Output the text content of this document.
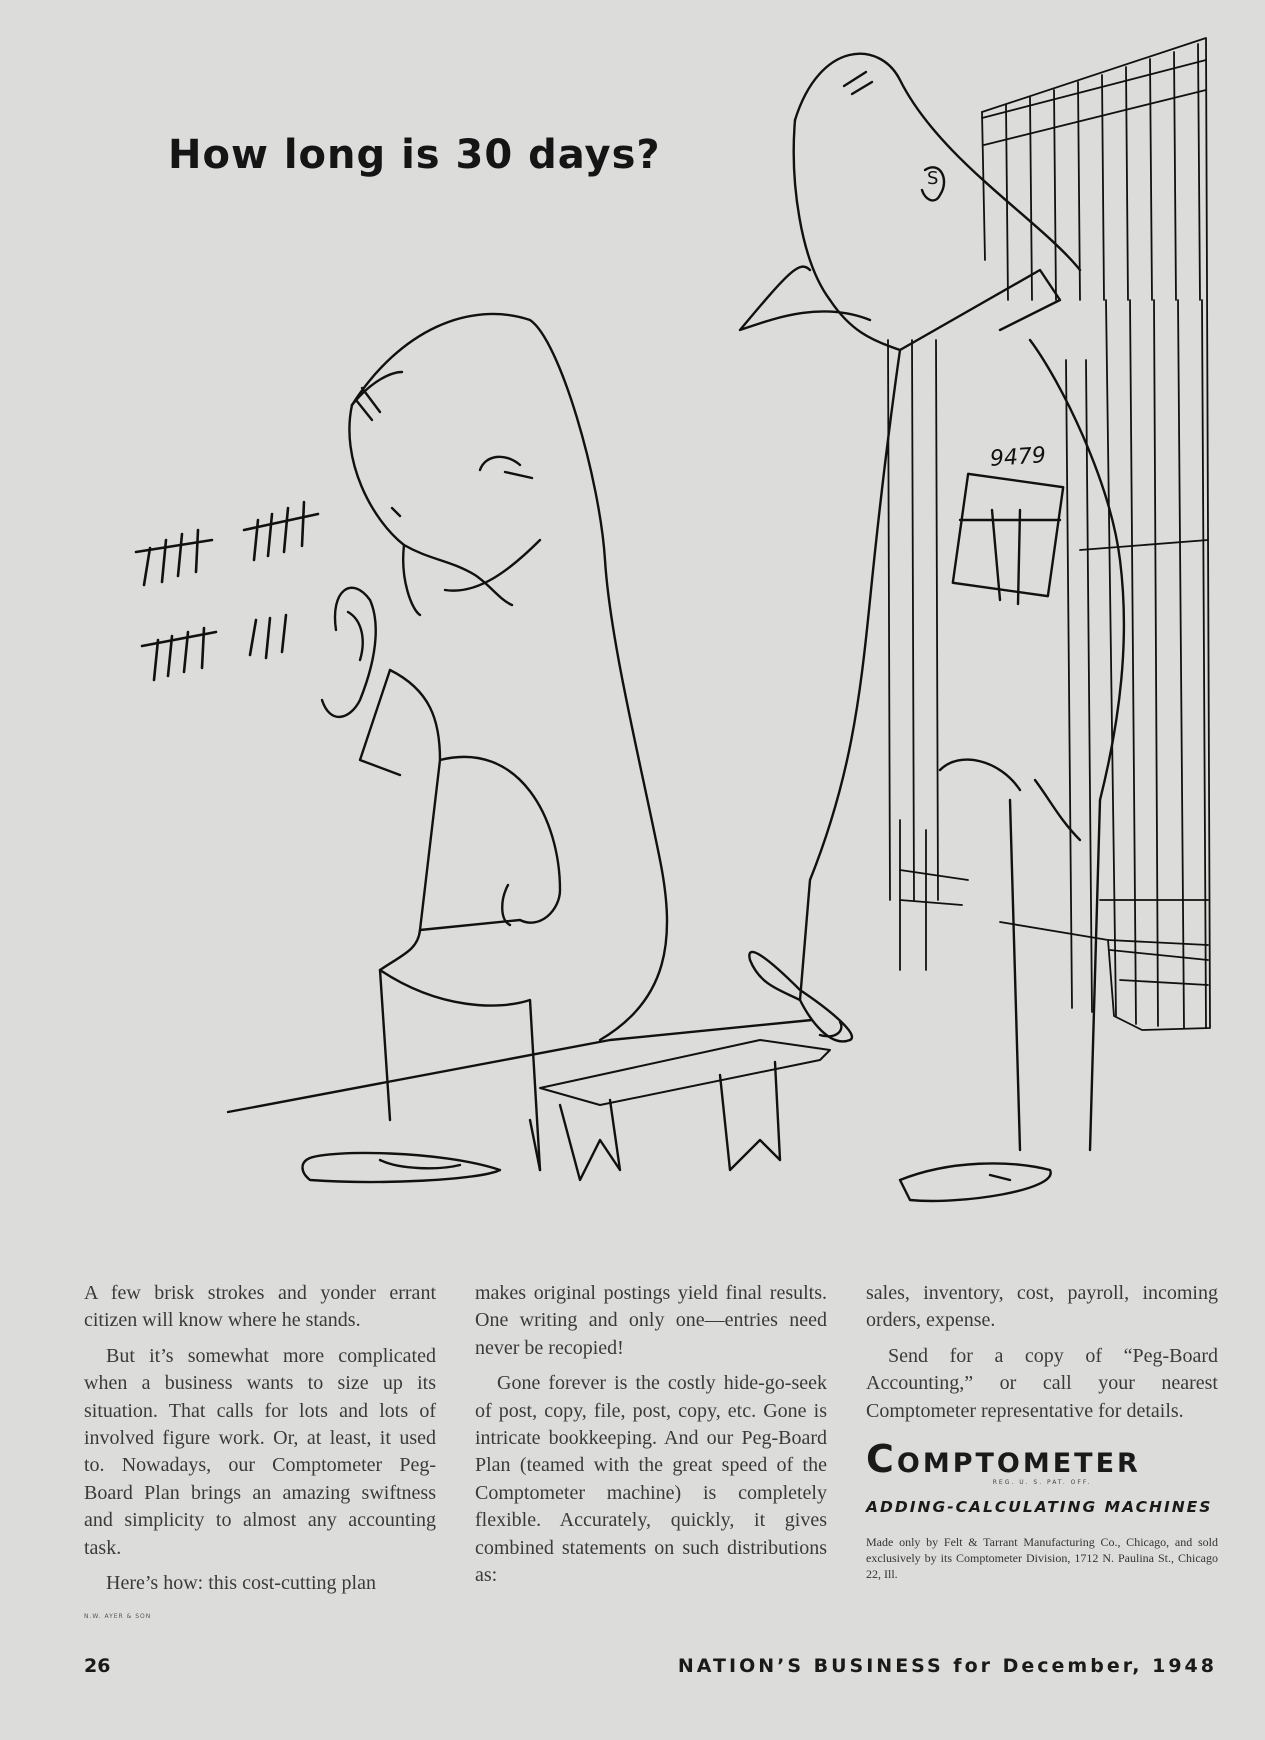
How long is 30 days?
9479
S

A few brisk strokes and yonder errant citizen will know where he stands.

But it’s somewhat more complicated when a business wants to size up its situation. That calls for lots and lots of involved figure work. Or, at least, it used to. Nowadays, our Comptometer Peg-Board Plan brings an amazing swiftness and simplicity to almost any accounting task.

Here’s how: this cost-cutting plan

N.W. AYER & SON

makes original postings yield final results. One writing and only one—entries need never be recopied!

Gone forever is the costly hide-go-seek of post, copy, file, post, copy, etc. Gone is intricate bookkeeping. And our Peg-Board Plan (teamed with the great speed of the Comptometer machine) is completely flexible. Accurately, quickly, it gives combined statements on such distributions as:

sales, inventory, cost, payroll, incoming orders, expense.

Send for a copy of “Peg-Board Accounting,” or call your nearest Comptometer representative for details.

Comptometer
REG. U. S. PAT. OFF.
ADDING-CALCULATING MACHINES
Made only by Felt & Tarrant Manufacturing Co., Chicago, and sold exclusively by its Comptometer Division, 1712 N. Paulina St., Chicago 22, Ill.
26	NATION’S BUSINESS for December, 1948
